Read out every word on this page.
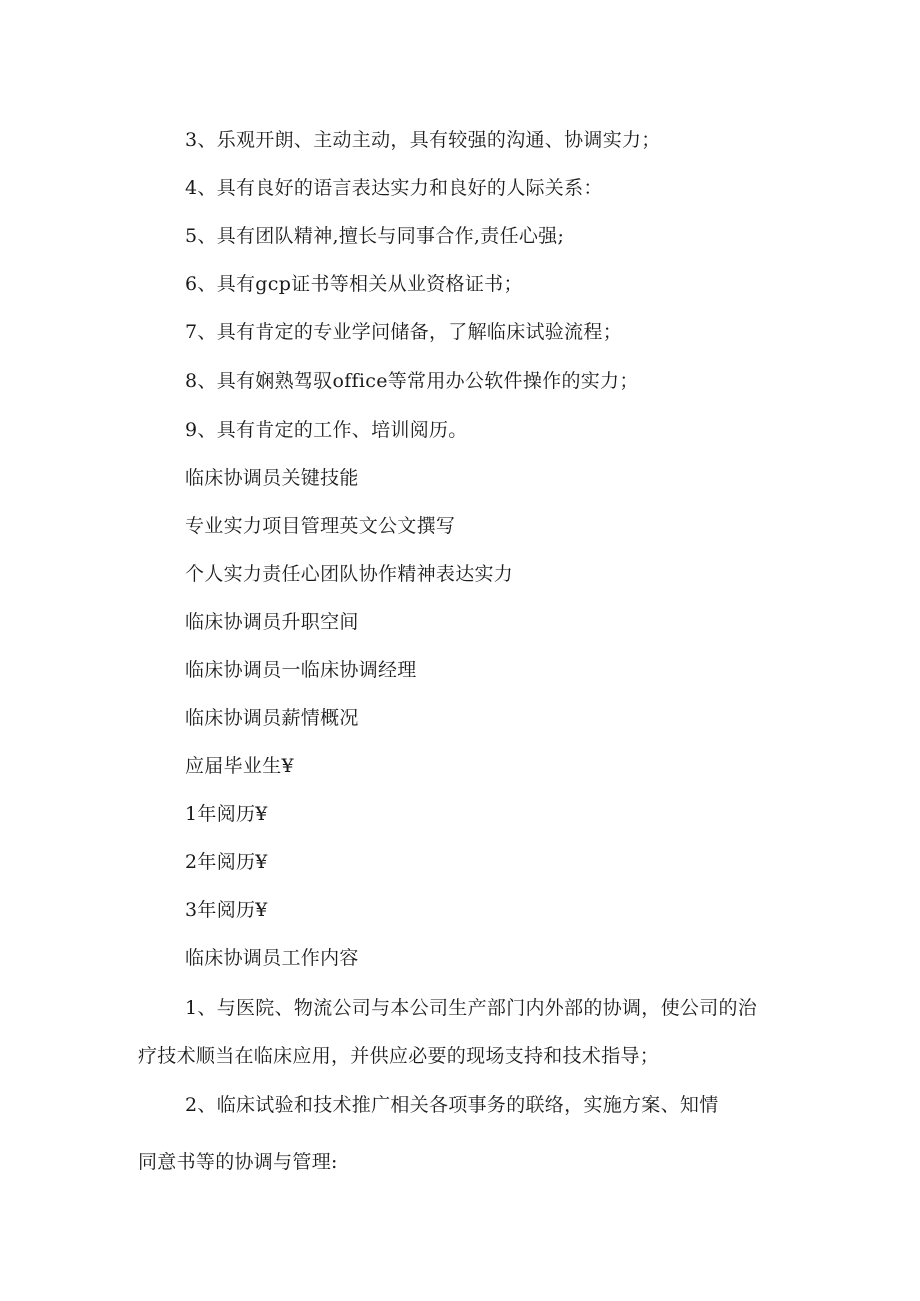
3、乐观开朗、主动主动，具有较强的沟通、协调实力；
4、具有良好的语言表达实力和良好的人际关系：
5、具有团队精神,擅长与同事合作,责任心强;
6、具有gcp证书等相关从业资格证书；
7、具有肯定的专业学问储备，了解临床试验流程；
8、具有娴熟驾驭office等常用办公软件操作的实力；
9、具有肯定的工作、培训阅历。
临床协调员关键技能
专业实力项目管理英文公文撰写
个人实力责任心团队协作精神表达实力
临床协调员升职空间
临床协调员一临床协调经理
临床协调员薪情概况
应届毕业生¥
1年阅历¥
2年阅历¥
3年阅历¥
临床协调员工作内容
1、与医院、物流公司与本公司生产部门内外部的协调，使公司的治
疗技术顺当在临床应用，并供应必要的现场支持和技术指导；
2、临床试验和技术推广相关各项事务的联络，实施方案、知情
同意书等的协调与管理:
